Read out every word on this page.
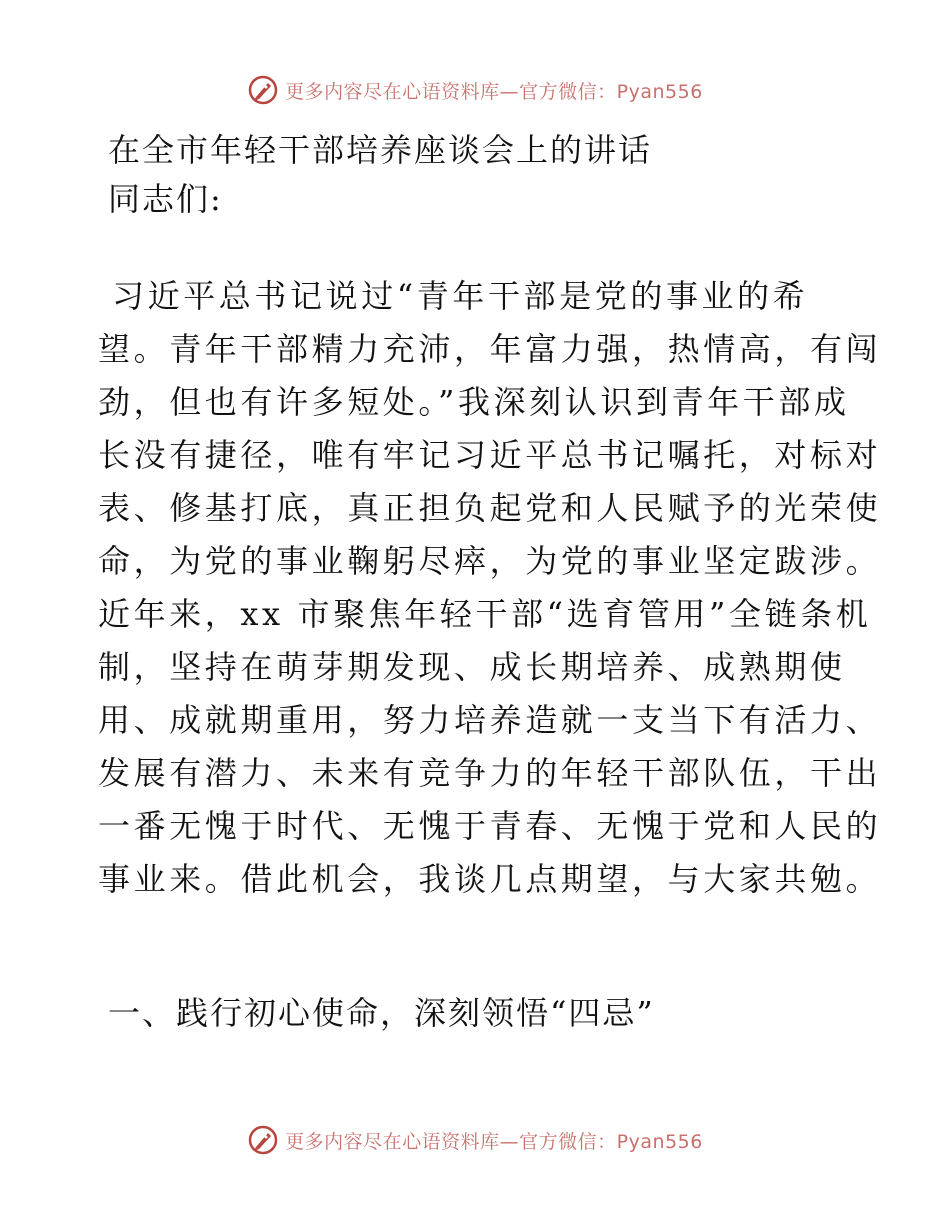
更多内容尽在心语资料库—官方微信：Pyan556
在全市年轻干部培养座谈会上的讲话
同志们:
习近平总书记说过“青年干部是党的事业的希
望。青年干部精力充沛，年富力强，热情高，有闯
劲，但也有许多短处。”我深刻认识到青年干部成
长没有捷径，唯有牢记习近平总书记嘱托，对标对
表、修基打底，真正担负起党和人民赋予的光荣使
命，为党的事业鞠躬尽瘁，为党的事业坚定跋涉。
近年来，xx 市聚焦年轻干部“选育管用”全链条机
制，坚持在萌芽期发现、成长期培养、成熟期使
用、成就期重用，努力培养造就一支当下有活力、
发展有潜力、未来有竞争力的年轻干部队伍，干出
一番无愧于时代、无愧于青春、无愧于党和人民的
事业来。借此机会，我谈几点期望，与大家共勉。
一、践行初心使命，深刻领悟“四忌”
更多内容尽在心语资料库—官方微信：Pyan556
